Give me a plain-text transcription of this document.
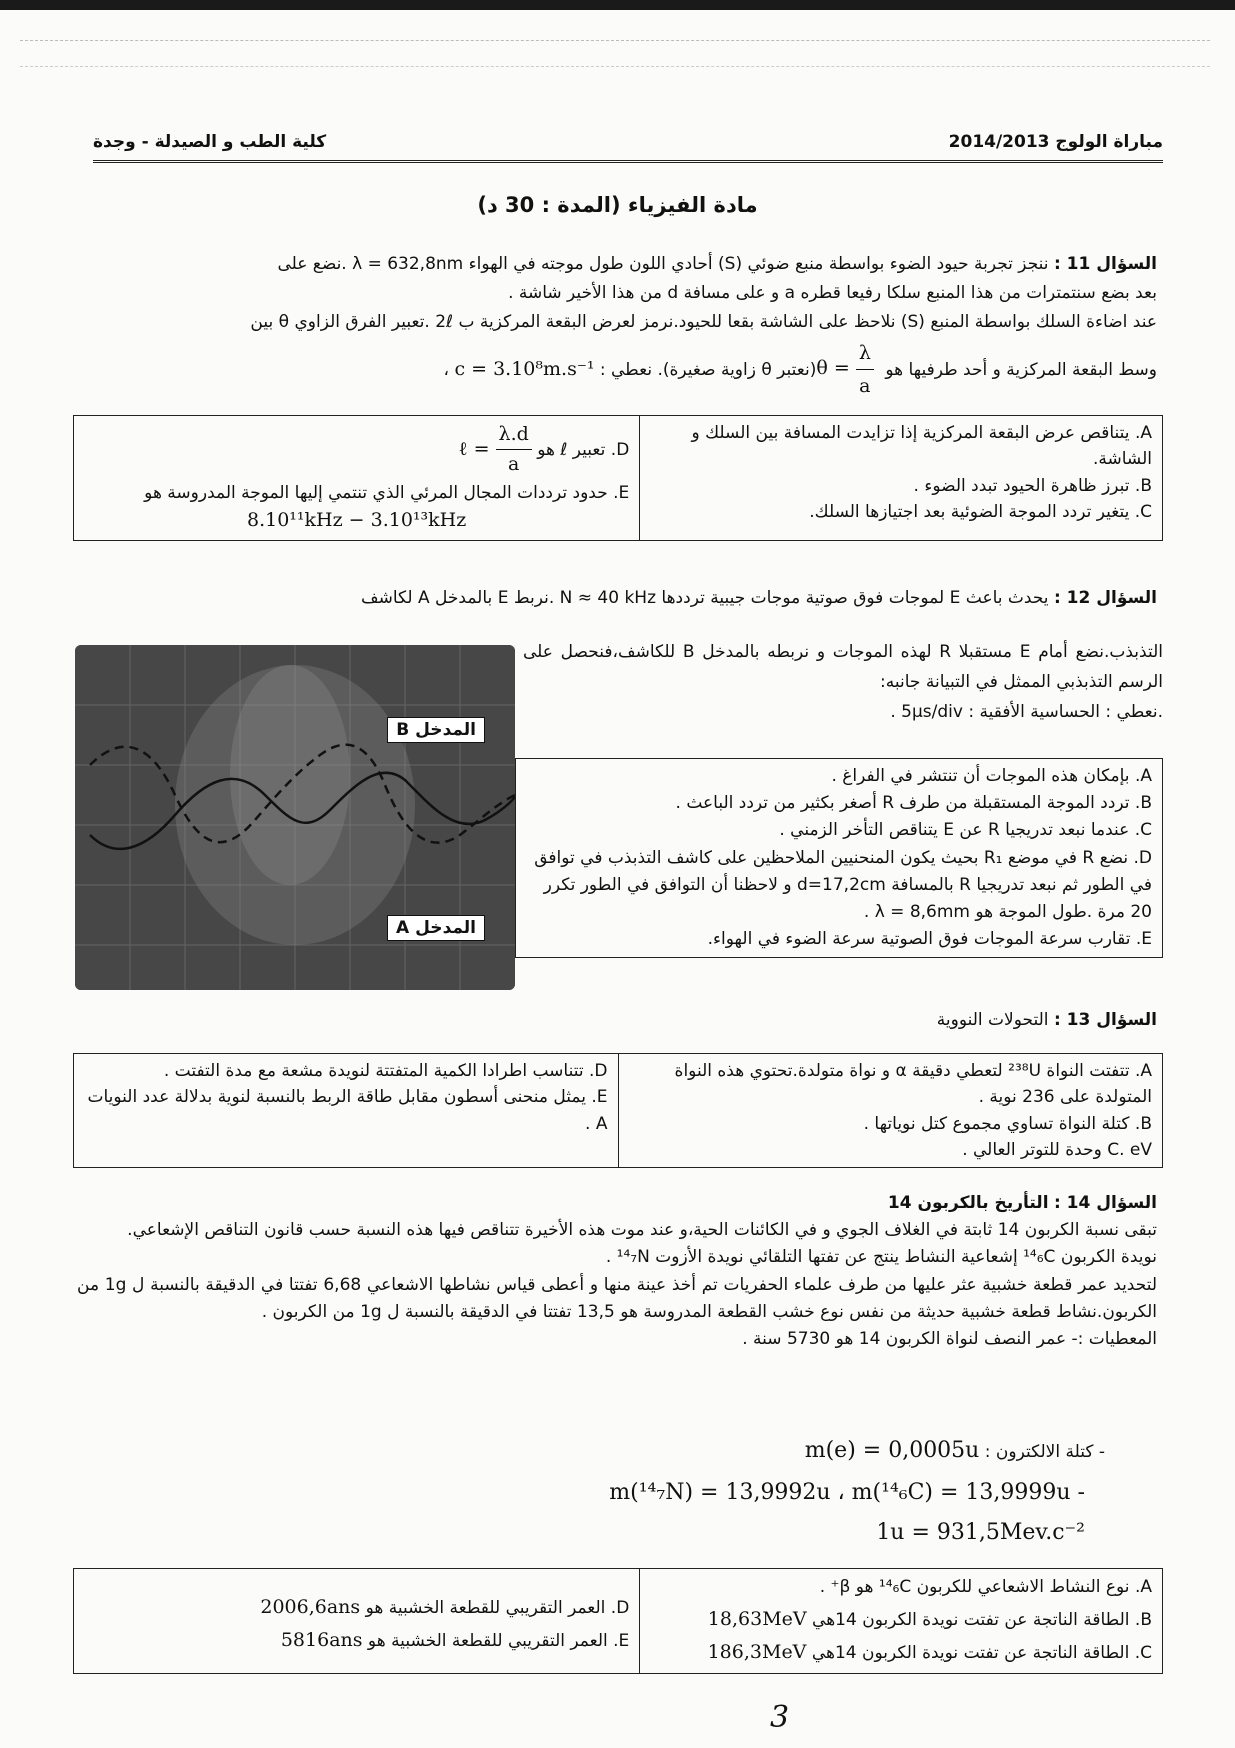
كلية الطب و الصيدلة - وجدة	مباراة الولوج 2014/2013
مادة الفيزياء (المدة : 30 د)
السؤال 11 : ننجز تجربة حيود الضوء بواسطة منبع ضوئي (S) أحادي اللون طول موجته في الهواء λ = 632,8nm .نضع على
بعد بضع سنتمترات من هذا المنبع سلكا رفيعا قطره a و على مسافة d من هذا الأخير شاشة .
عند اضاءة السلك بواسطة المنبع (S) نلاحظ على الشاشة بقعا للحيود.نرمز لعرض البقعة المركزية ب 2ℓ .تعبير الفرق الزاوي θ بين
وسط البقعة المركزية و أحد طرفيها هو $\theta = \frac{\lambda}{a}$
(نعتبر θ زاوية صغيرة). نعطي : c = 3.10⁸m.s⁻¹ ،
A. يتناقص عرض البقعة المركزية إذا تزايدت المسافة بين السلك و الشاشة.
B. تبرز ظاهرة الحيود تبدد الضوء .
C. يتغير تردد الموجة الضوئية بعد اجتيازها السلك.

D. تعبير ℓ هو ℓ = $\frac{\lambda.d}{a}$
E. حدود ترددات المجال المرئي الذي تنتمي إليها الموجة المدروسة هو

8.10¹¹kHz − 3.10¹³kHz
السؤال 12 : يحدث باعث E لموجات فوق صوتية موجات جيبية ترددها N ≈ 40 kHz .نربط E بالمدخل A لكاشف
التذبذب.نضع أمام E مستقبلا R لهذه الموجات و نربطه بالمدخل B للكاشف،فنحصل على الرسم التذبذبي الممثل في التبيانة جانبه:
.نعطي : الحساسية الأفقية : 5μs/div .
المدخل B
المدخل A
A. بإمكان هذه الموجات أن تنتشر في الفراغ .
B. تردد الموجة المستقبلة من طرف R أصغر بكثير من تردد الباعث .
C. عندما نبعد تدريجيا R عن E يتناقص التأخر الزمني .
D. نضع R في موضع R₁ بحيث يكون المنحنيين الملاحظين على كاشف التذبذب في توافق في الطور ثم نبعد تدريجيا R بالمسافة d=17,2cm و لاحظنا أن التوافق في الطور تكرر 20 مرة .طول الموجة هو λ = 8,6mm .
E. تقارب سرعة الموجات فوق الصوتية سرعة الضوء في الهواء.
السؤال 13 : التحولات النووية
A. تتفتت النواة ²³⁸U لتعطي دقيقة α و نواة متولدة.تحتوي هذه النواة المتولدة على 236 نوية .
B. كتلة النواة تساوي مجموع كتل نوياتها .
C. eV وحدة للتوتر العالي .

D. تتناسب اطرادا الكمية المتفتتة لنويدة مشعة مع مدة التفتت .
E. يمثل منحنى أسطون مقابل طاقة الربط بالنسبة لنوية بدلالة عدد النويات A .
السؤال 14 : التأريخ بالكربون 14
تبقى نسبة الكربون 14 ثابتة في الغلاف الجوي و في الكائنات الحية،و عند موت هذه الأخيرة تتناقص فيها هذه النسبة حسب قانون التناقص الإشعاعي.
نويدة الكربون ¹⁴₆C إشعاعية النشاط ينتج عن تفتها التلقائي نويدة الأزوت ¹⁴₇N .
لتحديد عمر قطعة خشبية عثر عليها من طرف علماء الحفريات تم أخذ عينة منها و أعطى قياس نشاطها الاشعاعي 6,68 تفتتا في الدقيقة بالنسبة ل 1g من الكربون.نشاط قطعة خشبية حديثة من نفس نوع خشب القطعة المدروسة هو 13,5 تفتتا في الدقيقة بالنسبة ل 1g من الكربون .
المعطيات :- عمر النصف لنواة الكربون 14 هو 5730 سنة .
- كتلة الالكترون : m(e) = 0,0005u
m(¹⁴₇N) = 13,9992u ، m(¹⁴₆C) = 13,9999u -
1u = 931,5Mev.c⁻²
A. نوع النشاط الاشعاعي للكربون ¹⁴₆C هو β⁺ .
B. الطاقة الناتجة عن تفتت نويدة الكربون 14هي 18,63MeV
C. الطاقة الناتجة عن تفتت نويدة الكربون 14هي 186,3MeV

D. العمر التقريبي للقطعة الخشبية هو 2006,6ans
E. العمر التقريبي للقطعة الخشبية هو 5816ans
3
